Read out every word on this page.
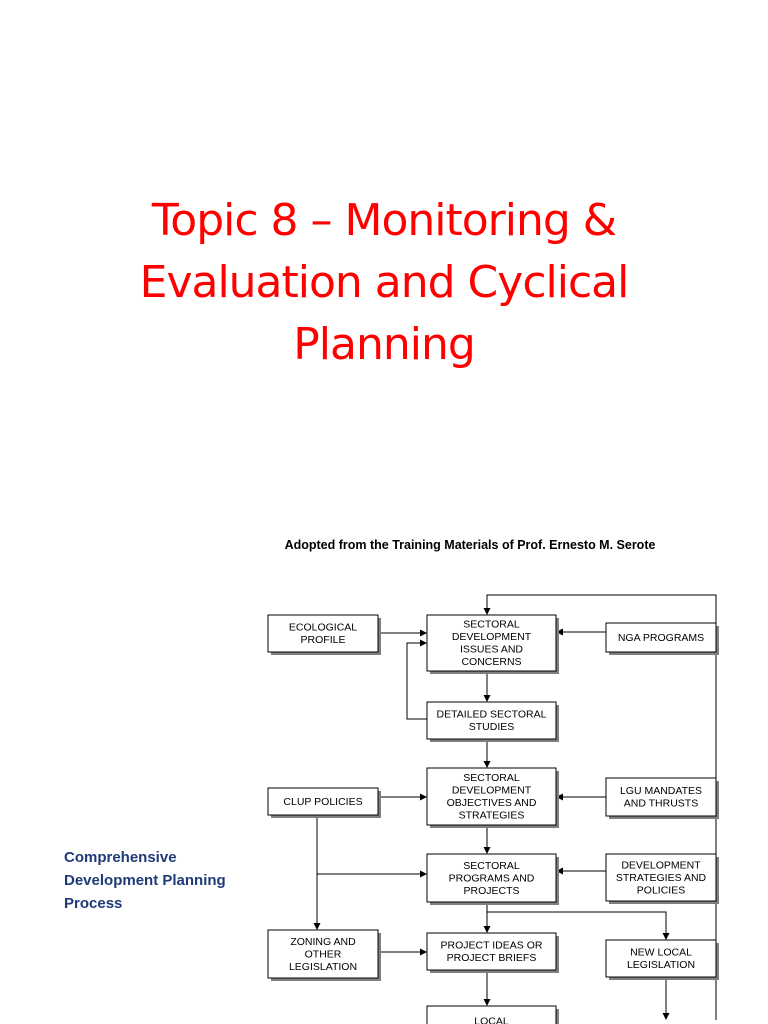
Topic 8 – Monitoring &
Evaluation and Cyclical
Planning
Adopted from the Training Materials of Prof. Ernesto M. Serote
Comprehensive
Development Planning
Process
ECOLOGICAL
PROFILE
SECTORAL
DEVELOPMENT
ISSUES AND
CONCERNS
NGA PROGRAMS
DETAILED SECTORAL
STUDIES
CLUP POLICIES
SECTORAL
DEVELOPMENT
OBJECTIVES AND
STRATEGIES
LGU MANDATES
AND THRUSTS
SECTORAL
PROGRAMS AND
PROJECTS
DEVELOPMENT
STRATEGIES AND
POLICIES
ZONING AND
OTHER
LEGISLATION
PROJECT IDEAS OR
PROJECT BRIEFS	NEW LOCAL
LEGISLATION
LOCAL
